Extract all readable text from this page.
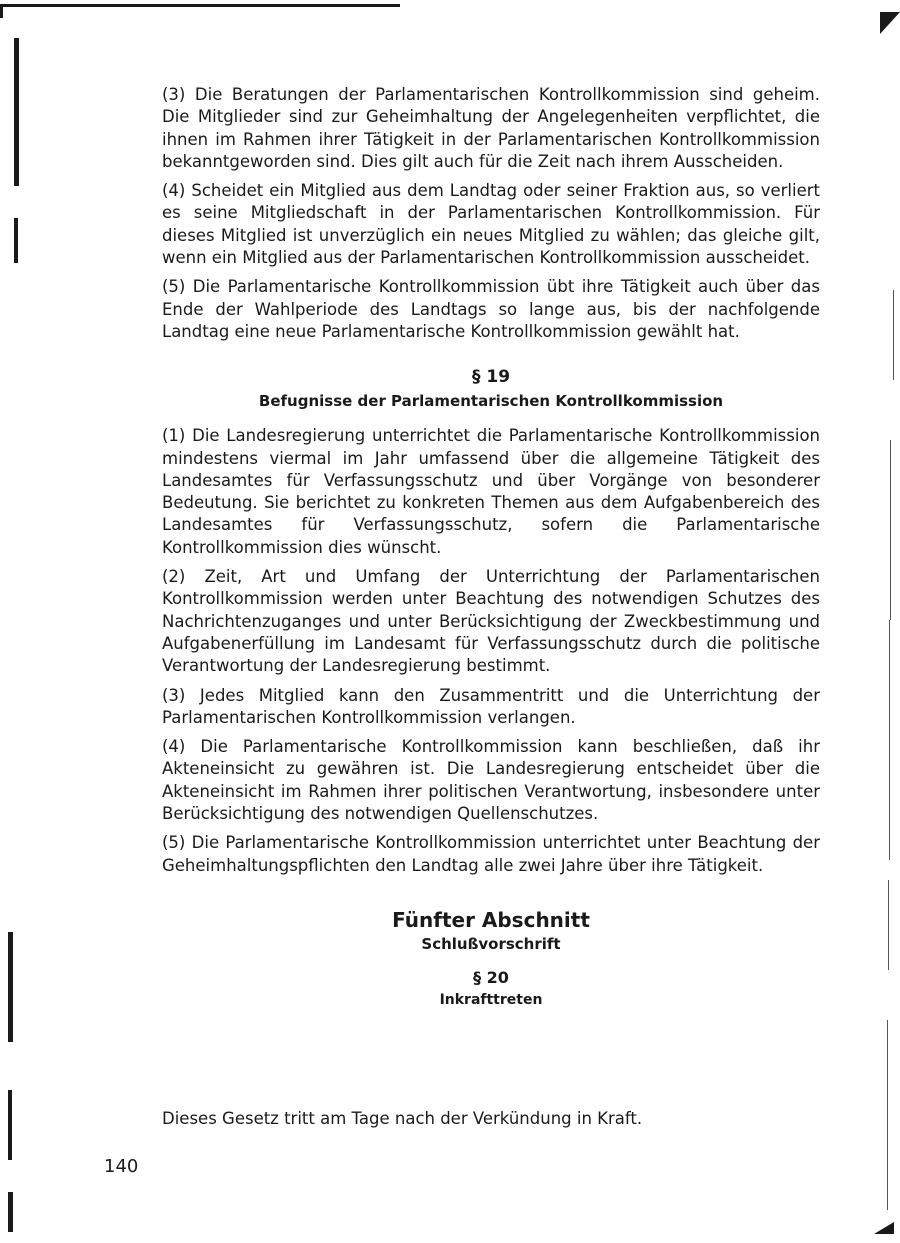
(3) Die Beratungen der Parlamentarischen Kontrollkommission sind geheim. Die Mitglieder sind zur Geheimhaltung der Angelegenheiten verpflichtet, die ihnen im Rahmen ihrer Tätigkeit in der Parlamentarischen Kontrollkommission bekanntgeworden sind. Dies gilt auch für die Zeit nach ihrem Ausscheiden.

(4) Scheidet ein Mitglied aus dem Landtag oder seiner Fraktion aus, so verliert es seine Mitgliedschaft in der Parlamentarischen Kontrollkommission. Für dieses Mitglied ist unverzüglich ein neues Mitglied zu wählen; das gleiche gilt, wenn ein Mitglied aus der Parlamentarischen Kontrollkommission ausscheidet.

(5) Die Parlamentarische Kontrollkommission übt ihre Tätigkeit auch über das Ende der Wahlperiode des Landtags so lange aus, bis der nachfolgende Landtag eine neue Parlamentarische Kontrollkommission gewählt hat.

§ 19
Befugnisse der Parlamentarischen Kontrollkommission

(1) Die Landesregierung unterrichtet die Parlamentarische Kontrollkommission mindestens viermal im Jahr umfassend über die allgemeine Tätigkeit des Landesamtes für Verfassungsschutz und über Vorgänge von besonderer Bedeutung. Sie berichtet zu konkreten Themen aus dem Aufgabenbereich des Landesamtes für Verfassungsschutz, sofern die Parlamentarische Kontrollkommission dies wünscht.

(2) Zeit, Art und Umfang der Unterrichtung der Parlamentarischen Kontrollkommission werden unter Beachtung des notwendigen Schutzes des Nachrichtenzuganges und unter Berücksichtigung der Zweckbestimmung und Aufgabenerfüllung im Landesamt für Verfassungsschutz durch die politische Verantwortung der Landesregierung bestimmt.

(3) Jedes Mitglied kann den Zusammentritt und die Unterrichtung der Parlamentarischen Kontrollkommission verlangen.

(4) Die Parlamentarische Kontrollkommission kann beschließen, daß ihr Akteneinsicht zu gewähren ist. Die Landesregierung entscheidet über die Akteneinsicht im Rahmen ihrer politischen Verantwortung, insbesondere unter Berücksichtigung des notwendigen Quellenschutzes.

(5) Die Parlamentarische Kontrollkommission unterrichtet unter Beachtung der Geheimhaltungspflichten den Landtag alle zwei Jahre über ihre Tätigkeit.

Fünfter Abschnitt
Schlußvorschrift
§ 20
Inkrafttreten

Dieses Gesetz tritt am Tage nach der Verkündung in Kraft.

140
